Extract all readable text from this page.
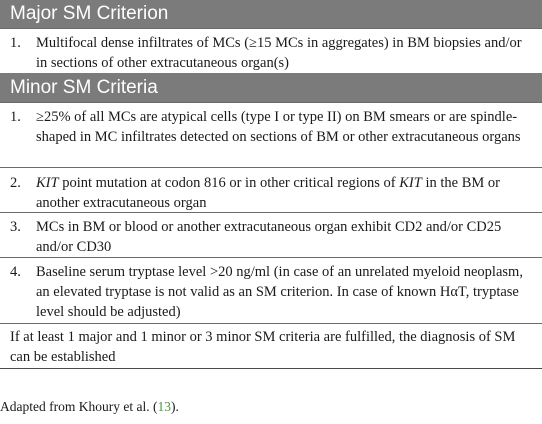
Major SM Criterion
1.	Multifocal dense infiltrates of MCs (≥15 MCs in aggregates) in BM biopsies and/or in sections of other extracutaneous organ(s)
Minor SM Criteria
1.	≥25% of all MCs are atypical cells (type I or type II) on BM smears or are spindle-shaped in MC infiltrates detected on sections of BM or other extracutaneous organs
2.	KIT point mutation at codon 816 or in other critical regions of KIT in the BM or another extracutaneous organ
3.	MCs in BM or blood or another extracutaneous organ exhibit CD2 and/or CD25 and/or CD30
4.	Baseline serum tryptase level >20 ng/ml (in case of an unrelated myeloid neoplasm, an elevated tryptase is not valid as an SM criterion. In case of known HαT, tryptase level should be adjusted)
If at least 1 major and 1 minor or 3 minor SM criteria are fulfilled, the diagnosis of SM can be established
Adapted from Khoury et al. (13).
